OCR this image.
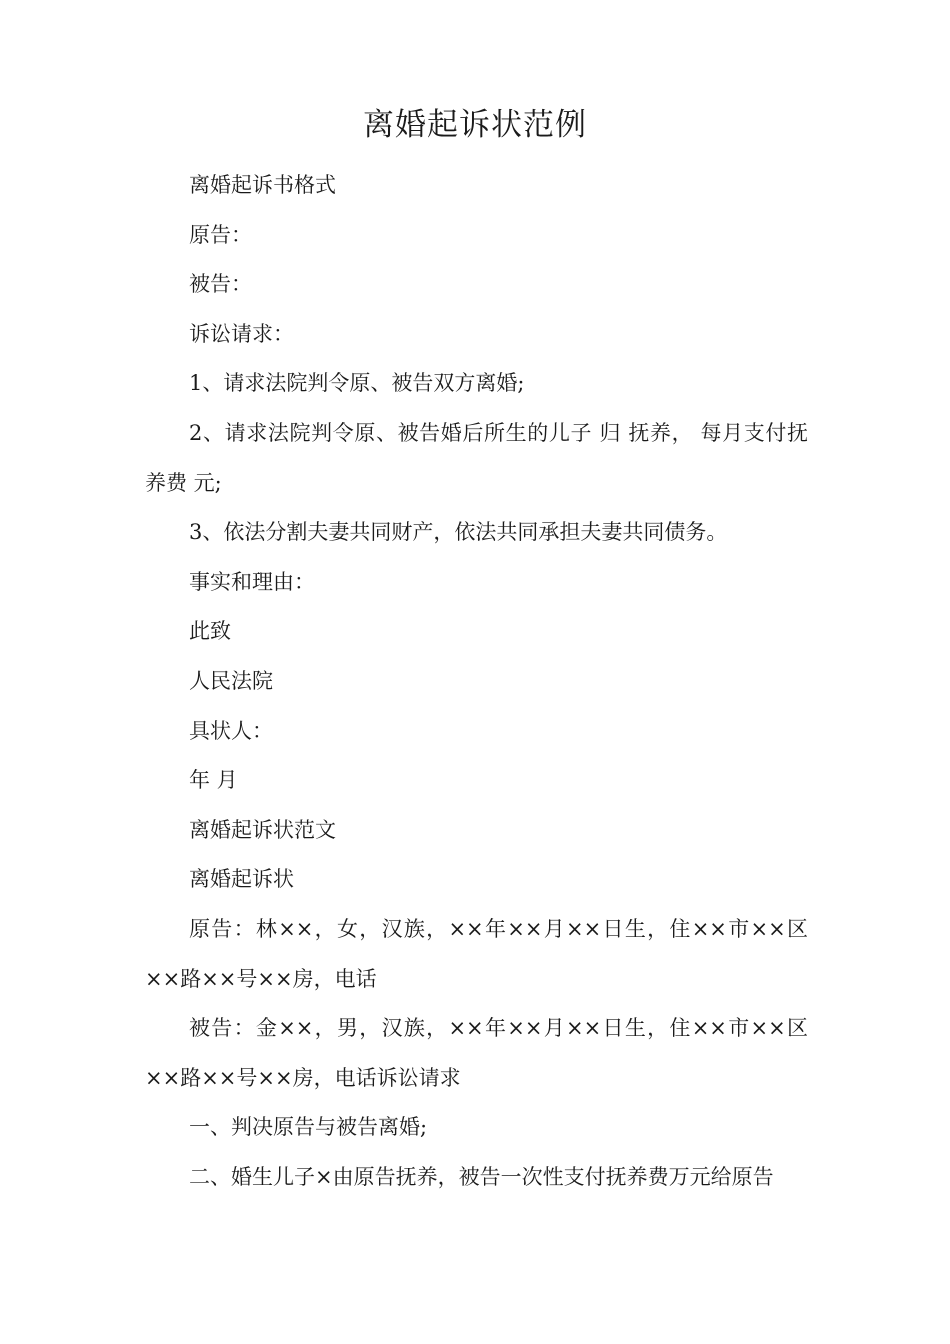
离婚起诉状范例

离婚起诉书格式

原告：

被告：

诉讼请求：

1、请求法院判令原、被告双方离婚;

2、请求法院判令原、被告婚后所生的儿子 归 抚养， 每月支付抚养费 元;

3、依法分割夫妻共同财产，依法共同承担夫妻共同债务。

事实和理由：

此致

人民法院

具状人：

年 月

离婚起诉状范文

离婚起诉状

原告：林××，女，汉族，××年××月××日生，住××市××区××路××号××房，电话

被告：金××，男，汉族，××年××月××日生，住××市××区××路××号××房，电话诉讼请求

一、判决原告与被告离婚;

二、婚生儿子×由原告抚养，被告一次性支付抚养费万元给原告
